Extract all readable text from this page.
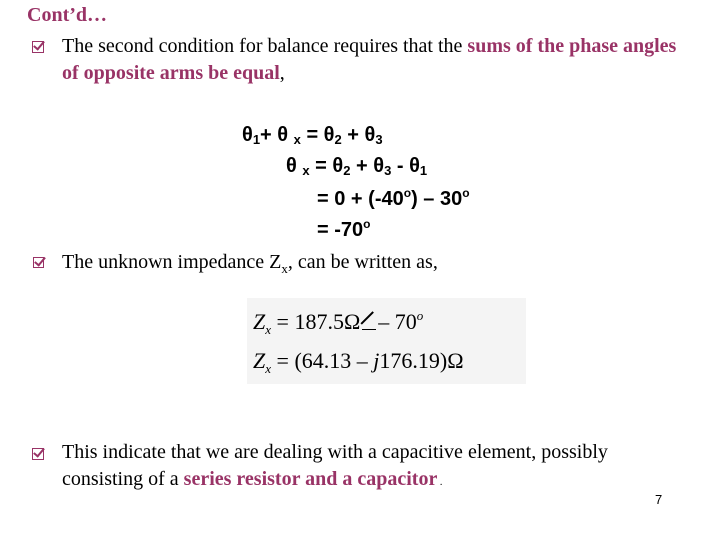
Cont’d…
The second condition for balance requires that the sums of the phase angles of opposite arms be equal,
$\theta_1+ \theta$ $_x = \theta_2 + \theta_3$
θ $_x = \theta_2 + \theta_3 - \theta_1$
= $0 + (-40^o) - 30^o$
= $-70^o$
The unknown impedance $Z_x$, can be written as,
$Z_x = 187.5\Omega - 70^o$
$Z_x = (64.13 - j176.19)\Omega$
This indicate that we are dealing with a capacitive element, possibly consisting of a series resistor and a capacitor .
7
